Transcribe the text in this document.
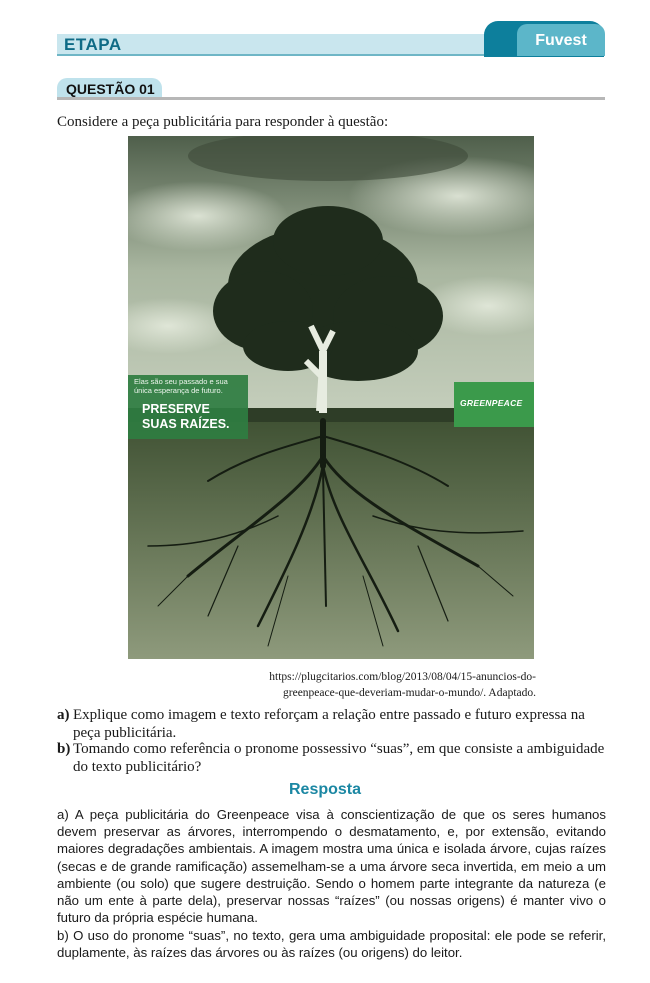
ETAPA	Fuvest
QUESTÃO 01
Considere a peça publicitária para responder à questão:
Elas são seu passado e sua
única esperança de futuro.
PRESERVE
SUAS RAÍZES.
GREENPEACE
https://plugcitarios.com/blog/2013/08/04/15-anuncios-do-
greenpeace-que-deveriam-mudar-o-mundo/. Adaptado.
a) Explique como imagem e texto reforçam a relação entre passado e futuro expressa na peça publicitária.
b) Tomando como referência o pronome possessivo “suas”, em que consiste a ambiguidade do texto publicitário?
Resposta
a) A peça publicitária do Greenpeace visa à conscientização de que os seres humanos devem preservar as árvores, interrompendo o desmatamento, e, por extensão, evitando maiores degradações ambientais. A imagem mostra uma única e isolada árvore, cujas raízes (secas e de grande ramificação) assemelham-se a uma árvore seca invertida, em meio a um ambiente (ou solo) que sugere destruição. Sendo o homem parte integrante da natureza (e não um ente à parte dela), preservar nossas “raízes” (ou nossas origens) é manter vivo o futuro da própria espécie humana.
b) O uso do pronome “suas”, no texto, gera uma ambiguidade proposital: ele pode se referir, duplamente, às raízes das árvores ou às raízes (ou origens) do leitor.
